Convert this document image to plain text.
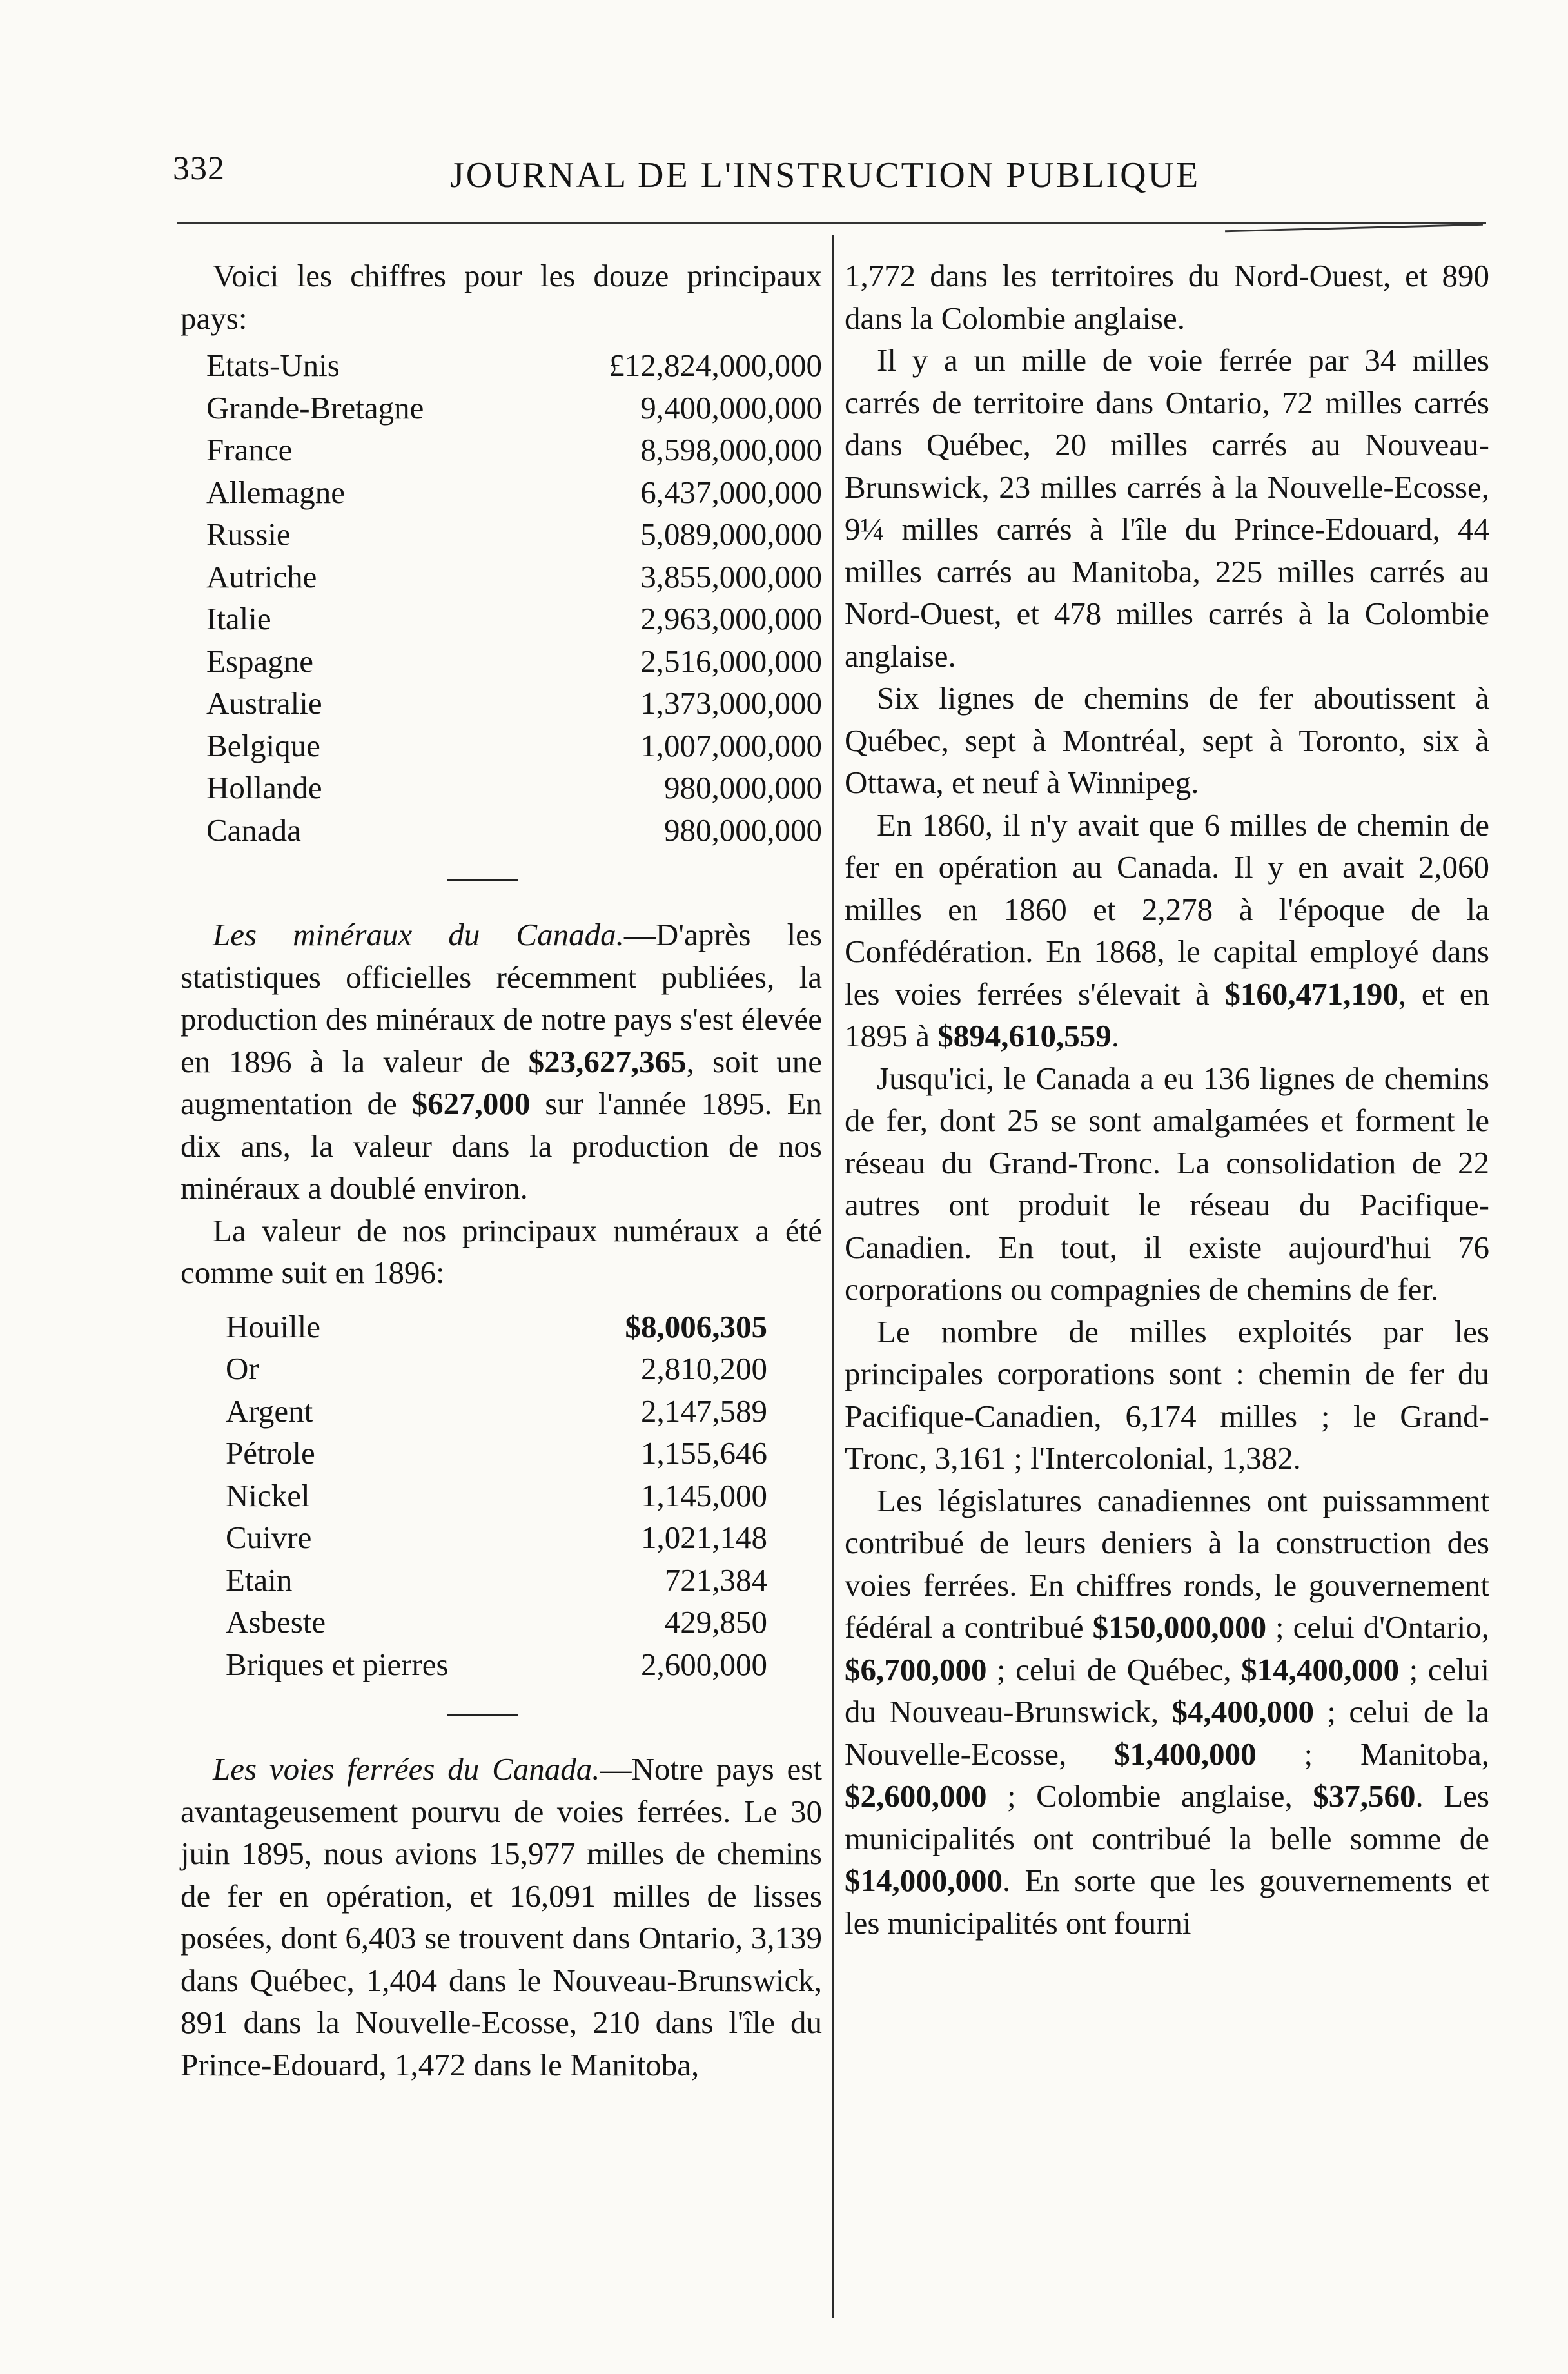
332	JOURNAL DE L'INSTRUCTION PUBLIQUE

Voici les chiffres pour les douze principaux pays:

Etats-Unis	£12,824,000,000
Grande-Bretagne	9,400,000,000
France	8,598,000,000
Allemagne	6,437,000,000
Russie	5,089,000,000
Autriche	3,855,000,000
Italie	2,963,000,000
Espagne	2,516,000,000
Australie	1,373,000,000
Belgique	1,007,000,000
Hollande	980,000,000
Canada	980,000,000

Les minéraux du Canada.—D'après les statistiques officielles récemment publiées, la production des minéraux de notre pays s'est élevée en 1896 à la valeur de $23,627,365, soit une augmentation de $627,000 sur l'année 1895. En dix ans, la valeur dans la production de nos minéraux a doublé environ.

La valeur de nos principaux numéraux a été comme suit en 1896:

Houille	$8,006,305
Or	2,810,200
Argent	2,147,589
Pétrole	1,155,646
Nickel	1,145,000
Cuivre	1,021,148
Etain	721,384
Asbeste	429,850
Briques et pierres	2,600,000

Les voies ferrées du Canada.—Notre pays est avantageusement pourvu de voies ferrées. Le 30 juin 1895, nous avions 15,977 milles de chemins de fer en opération, et 16,091 milles de lisses posées, dont 6,403 se trouvent dans Ontario, 3,139 dans Québec, 1,404 dans le Nouveau-Brunswick, 891 dans la Nouvelle-Ecosse, 210 dans l'île du Prince-Edouard, 1,472 dans le Manitoba,

1,772 dans les territoires du Nord-Ouest, et 890 dans la Colombie anglaise.

Il y a un mille de voie ferrée par 34 milles carrés de territoire dans Ontario, 72 milles carrés dans Québec, 20 milles carrés au Nouveau-Brunswick, 23 milles carrés à la Nouvelle-Ecosse, 9¼ milles carrés à l'île du Prince-Edouard, 44 milles carrés au Manitoba, 225 milles carrés au Nord-Ouest, et 478 milles carrés à la Colombie anglaise.

Six lignes de chemins de fer aboutissent à Québec, sept à Montréal, sept à Toronto, six à Ottawa, et neuf à Winnipeg.

En 1860, il n'y avait que 6 milles de chemin de fer en opération au Canada. Il y en avait 2,060 milles en 1860 et 2,278 à l'époque de la Confédération. En 1868, le capital employé dans les voies ferrées s'élevait à $160,471,190, et en 1895 à $894,610,559.

Jusqu'ici, le Canada a eu 136 lignes de chemins de fer, dont 25 se sont amalgamées et forment le réseau du Grand-Tronc. La consolidation de 22 autres ont produit le réseau du Pacifique-Canadien. En tout, il existe aujourd'hui 76 corporations ou compagnies de chemins de fer.

Le nombre de milles exploités par les principales corporations sont : chemin de fer du Pacifique-Canadien, 6,174 milles ; le Grand-Tronc, 3,161 ; l'Intercolonial, 1,382.

Les législatures canadiennes ont puissamment contribué de leurs deniers à la construction des voies ferrées. En chiffres ronds, le gouvernement fédéral a contribué $150,000,000 ; celui d'Ontario, $6,700,000 ; celui de Québec, $14,400,000 ; celui du Nouveau-Brunswick, $4,400,000 ; celui de la Nouvelle-Ecosse, $1,400,000 ; Manitoba, $2,600,000 ; Colombie anglaise, $37,560. Les municipalités ont contribué la belle somme de $14,000,000. En sorte que les gouvernements et les municipalités ont fourni
